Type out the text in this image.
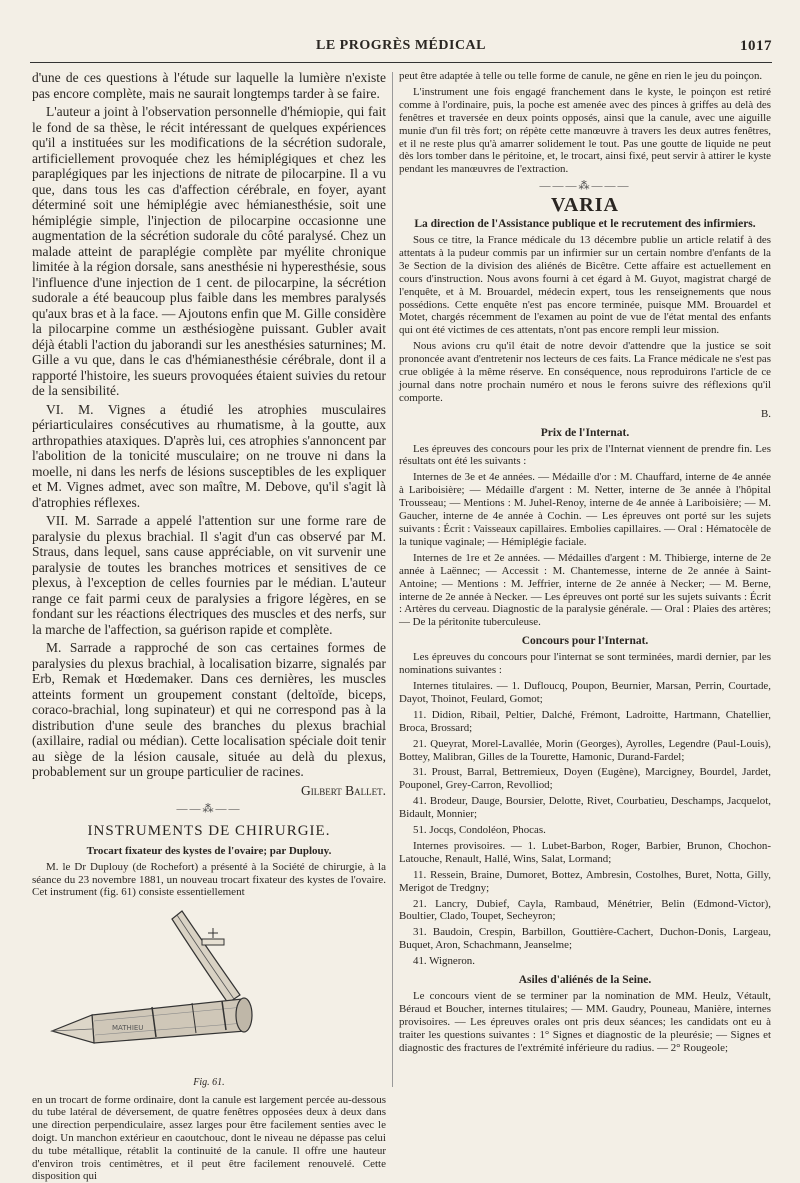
LE PROGRÈS MÉDICAL	1017

d'une de ces questions à l'étude sur laquelle la lumière n'existe pas encore complète, mais ne saurait longtemps tarder à se faire.

L'auteur a joint à l'observation personnelle d'hémiopie, qui fait le fond de sa thèse, le récit intéressant de quelques expériences qu'il a instituées sur les modifications de la sécrétion sudorale, artificiellement provoquée chez les hémiplégiques et chez les paraplégiques par les injections de nitrate de pilocarpine. Il a vu que, dans tous les cas d'affection cérébrale, en foyer, ayant déterminé soit une hémiplégie avec hémianesthésie, soit une hémiplégie simple, l'injection de pilocarpine occasionne une augmentation de la sécrétion sudorale du côté paralysé. Chez un malade atteint de paraplégie complète par myélite chronique limitée à la région dorsale, sans anesthésie ni hyperesthésie, sous l'influence d'une injection de 1 cent. de pilocarpine, la sécrétion sudorale a été beaucoup plus faible dans les membres paralysés qu'aux bras et à la face. — Ajoutons enfin que M. Gille considère la pilocarpine comme un æsthésiogène puissant. Gubler avait déjà établi l'action du jaborandi sur les anesthésies saturnines; M. Gille a vu que, dans le cas d'hémianesthésie cérébrale, dont il a rapporté l'histoire, les sueurs provoquées étaient suivies du retour de la sensibilité.

VI. M. Vignes a étudié les atrophies musculaires périarticulaires consécutives au rhumatisme, à la goutte, aux arthropathies ataxiques. D'après lui, ces atrophies s'annoncent par l'abolition de la tonicité musculaire; on ne trouve ni dans la moelle, ni dans les nerfs de lésions susceptibles de les expliquer et M. Vignes admet, avec son maître, M. Debove, qu'il s'agit là d'atrophies réflexes.

VII. M. Sarrade a appelé l'attention sur une forme rare de paralysie du plexus brachial. Il s'agit d'un cas observé par M. Straus, dans lequel, sans cause appréciable, on vit survenir une paralysie de toutes les branches motrices et sensitives de ce plexus, à l'exception de celles fournies par le médian. L'auteur range ce fait parmi ceux de paralysies a frigore légères, en se fondant sur les réactions électriques des muscles et des nerfs, sur la marche de l'affection, sa guérison rapide et complète.

M. Sarrade a rapproché de son cas certaines formes de paralysies du plexus brachial, à localisation bizarre, signalés par Erb, Remak et Hœdemaker. Dans ces dernières, les muscles atteints forment un groupement constant (deltoïde, biceps, coraco-brachial, long supinateur) et qui ne correspond pas à la distribution d'une seule des branches du plexus brachial (axillaire, radial ou médian). Cette localisation spéciale doit tenir au siège de la lésion causale, située au delà du plexus, probablement sur un groupe particulier de racines.

Gilbert Ballet.
——⁂——
INSTRUMENTS DE CHIRURGIE.
Trocart fixateur des kystes de l'ovaire; par Duplouy.

M. le Dr Duplouy (de Rochefort) a présenté à la Société de chirurgie, à la séance du 23 novembre 1881, un nouveau trocart fixateur des kystes de l'ovaire. Cet instrument (fig. 61) consiste essentiellement

MATHIEU
Fig. 61.

en un trocart de forme ordinaire, dont la canule est largement percée au-dessous du tube latéral de déversement, de quatre fenêtres opposées deux à deux dans une direction perpendiculaire, assez larges pour être facilement senties avec le doigt. Un manchon extérieur en caoutchouc, dont le niveau ne dépasse pas celui du tube métallique, rétablit la continuité de la canule. Il offre une hauteur d'environ trois centimètres, et il peut être facilement renouvelé. Cette disposition qui

peut être adaptée à telle ou telle forme de canule, ne gêne en rien le jeu du poinçon.

L'instrument une fois engagé franchement dans le kyste, le poinçon est retiré comme à l'ordinaire, puis, la poche est amenée avec des pinces à griffes au delà des fenêtres et traversée en deux points opposés, ainsi que la canule, avec une aiguille munie d'un fil très fort; on répète cette manœuvre à travers les deux autres fenêtres, et il ne reste plus qu'à amarrer solidement le tout. Pas une goutte de liquide ne peut dès lors tomber dans le péritoine, et, le trocart, ainsi fixé, peut servir à attirer le kyste pendant les manœuvres de l'extraction.

———⁂———
VARIA
La direction de l'Assistance publique et le recrutement des infirmiers.

Sous ce titre, la France médicale du 13 décembre publie un article relatif à des attentats à la pudeur commis par un infirmier sur un certain nombre d'enfants de la 3e Section de la division des aliénés de Bicêtre. Cette affaire est actuellement en cours d'instruction. Nous avons fourni à cet égard à M. Guyot, magistrat chargé de l'enquête, et à M. Brouardel, médecin expert, tous les renseignements que nous possédions. Cette enquête n'est pas encore terminée, puisque MM. Brouardel et Motet, chargés récemment de l'examen au point de vue de l'état mental des enfants qui ont été victimes de ces attentats, n'ont pas encore rempli leur mission.

Nous avions cru qu'il était de notre devoir d'attendre que la justice se soit prononcée avant d'entretenir nos lecteurs de ces faits. La France médicale ne s'est pas crue obligée à la même réserve. En conséquence, nous reproduirons l'article de ce journal dans notre prochain numéro et nous le ferons suivre des réflexions qu'il comporte.

B.
Prix de l'Internat.

Les épreuves des concours pour les prix de l'Internat viennent de prendre fin. Les résultats ont été les suivants :

Internes de 3e et 4e années. — Médaille d'or : M. Chauffard, interne de 4e année à Lariboisière; — Médaille d'argent : M. Netter, interne de 3e année à l'hôpital Trousseau; — Mentions : M. Juhel-Renoy, interne de 4e année à Lariboisière; — M. Gaucher, interne de 4e année à Cochin. — Les épreuves ont porté sur les sujets suivants : Écrit : Vaisseaux capillaires. Embolies capillaires. — Oral : Hématocèle de la tunique vaginale; — Hémiplégie faciale.

Internes de 1re et 2e années. — Médailles d'argent : M. Thibierge, interne de 2e année à Laënnec; — Accessit : M. Chantemesse, interne de 2e année à Saint-Antoine; — Mentions : M. Jeffrier, interne de 2e année à Necker; — M. Berne, interne de 2e année à Necker. — Les épreuves ont porté sur les sujets suivants : Écrit : Artères du cerveau. Diagnostic de la paralysie générale. — Oral : Plaies des artères; — De la péritonite tuberculeuse.

Concours pour l'Internat.

Les épreuves du concours pour l'internat se sont terminées, mardi dernier, par les nominations suivantes :

Internes titulaires. — 1. Dufloucq, Poupon, Beurnier, Marsan, Perrin, Courtade, Dayot, Thoinot, Feulard, Gomot;

11. Didion, Ribail, Peltier, Dalché, Frémont, Ladroitte, Hartmann, Chatellier, Broca, Brossard;

21. Queyrat, Morel-Lavallée, Morin (Georges), Ayrolles, Legendre (Paul-Louis), Bottey, Malibran, Gilles de la Tourette, Hamonic, Durand-Fardel;

31. Proust, Barral, Bettremieux, Doyen (Eugène), Marcigney, Bourdel, Jardet, Pouponel, Grey-Carron, Revolliod;

41. Brodeur, Dauge, Boursier, Delotte, Rivet, Courbatieu, Deschamps, Jacquelot, Bidault, Monnier;

51. Jocqs, Condoléon, Phocas.

Internes provisoires. — 1. Lubet-Barbon, Roger, Barbier, Brunon, Chochon-Latouche, Renault, Hallé, Wins, Salat, Lormand;

11. Ressein, Braine, Dumoret, Bottez, Ambresin, Costolhes, Buret, Notta, Gilly, Merigot de Tredgny;

21. Lancry, Dubief, Cayla, Rambaud, Ménétrier, Belin (Edmond-Victor), Boultier, Clado, Toupet, Secheyron;

31. Baudoin, Crespin, Barbillon, Gouttière-Cachert, Duchon-Donis, Largeau, Buquet, Aron, Schachmann, Jeanselme;

41. Wigneron.

Asiles d'aliénés de la Seine.

Le concours vient de se terminer par la nomination de MM. Heulz, Vétault, Béraud et Boucher, internes titulaires; — MM. Gaudry, Pouneau, Manière, internes provisoires. — Les épreuves orales ont pris deux séances; les candidats ont eu à traiter les questions suivantes : 1° Signes et diagnostic de la pleurésie; — Signes et diagnostic des fractures de l'extrémité inférieure du radius. — 2° Rougeole;
